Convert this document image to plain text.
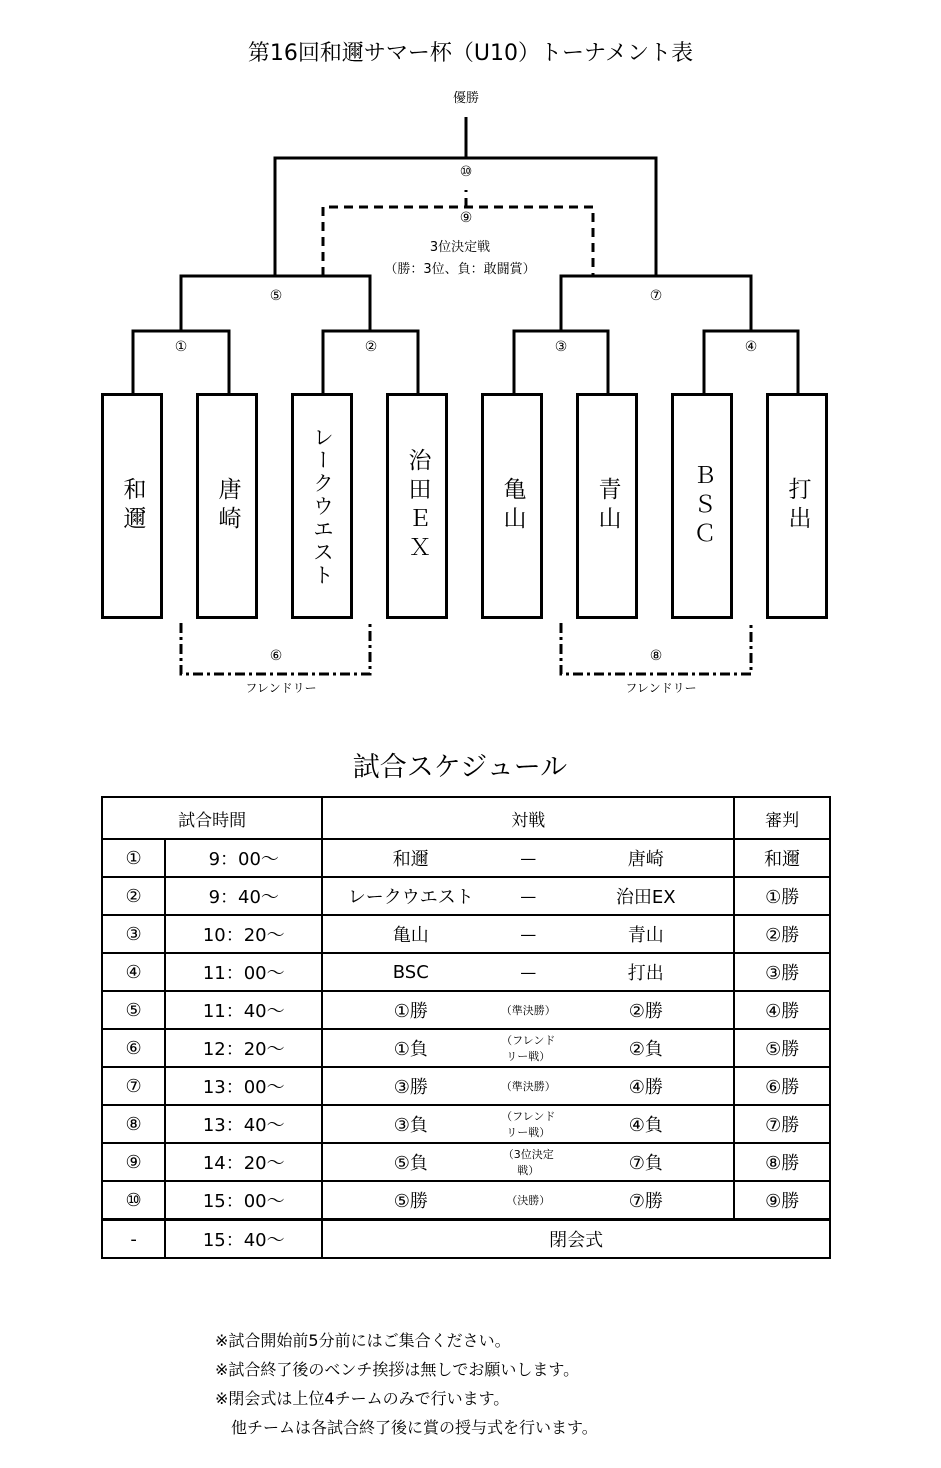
第16回和邇サマー杯（U10）トーナメント表
優勝
⑩
⑨
3位決定戦
（勝：3位、負：敢闘賞）
⑤	⑦
①	②	③	④
⑥	⑧
フレンドリー	フレンドリー
和邇	唐崎	レークウエスト	治田ＥＸ	亀山	青山	ＢＳＣ	打出
試合スケジュール
試合時間		対戦	審判
①	9：00～	和邇 — 唐崎	和邇
②	9：40～	レークウエスト — 治田EX	①勝
③	10：20～	亀山 — 青山	②勝
④	11：00～	BSC — 打出	③勝
⑤	11：40～	①勝 （準決勝） ②勝	④勝
⑥	12：20～	①負 （フレンドリー戦） ②負	⑤勝
⑦	13：00～	③勝 （準決勝） ④勝	⑥勝
⑧	13：40～	③負 （フレンドリー戦） ④負	⑦勝
⑨	14：20～	⑤負 （3位決定戦） ⑦負	⑧勝
⑩	15：00～	⑤勝 （決勝） ⑦勝	⑨勝
-	15：40～	閉会式	
※試合開始前5分前にはご集合ください。
※試合終了後のベンチ挨拶は無しでお願いします。
※閉会式は上位4チームのみで行います。
　他チームは各試合終了後に賞の授与式を行います。
